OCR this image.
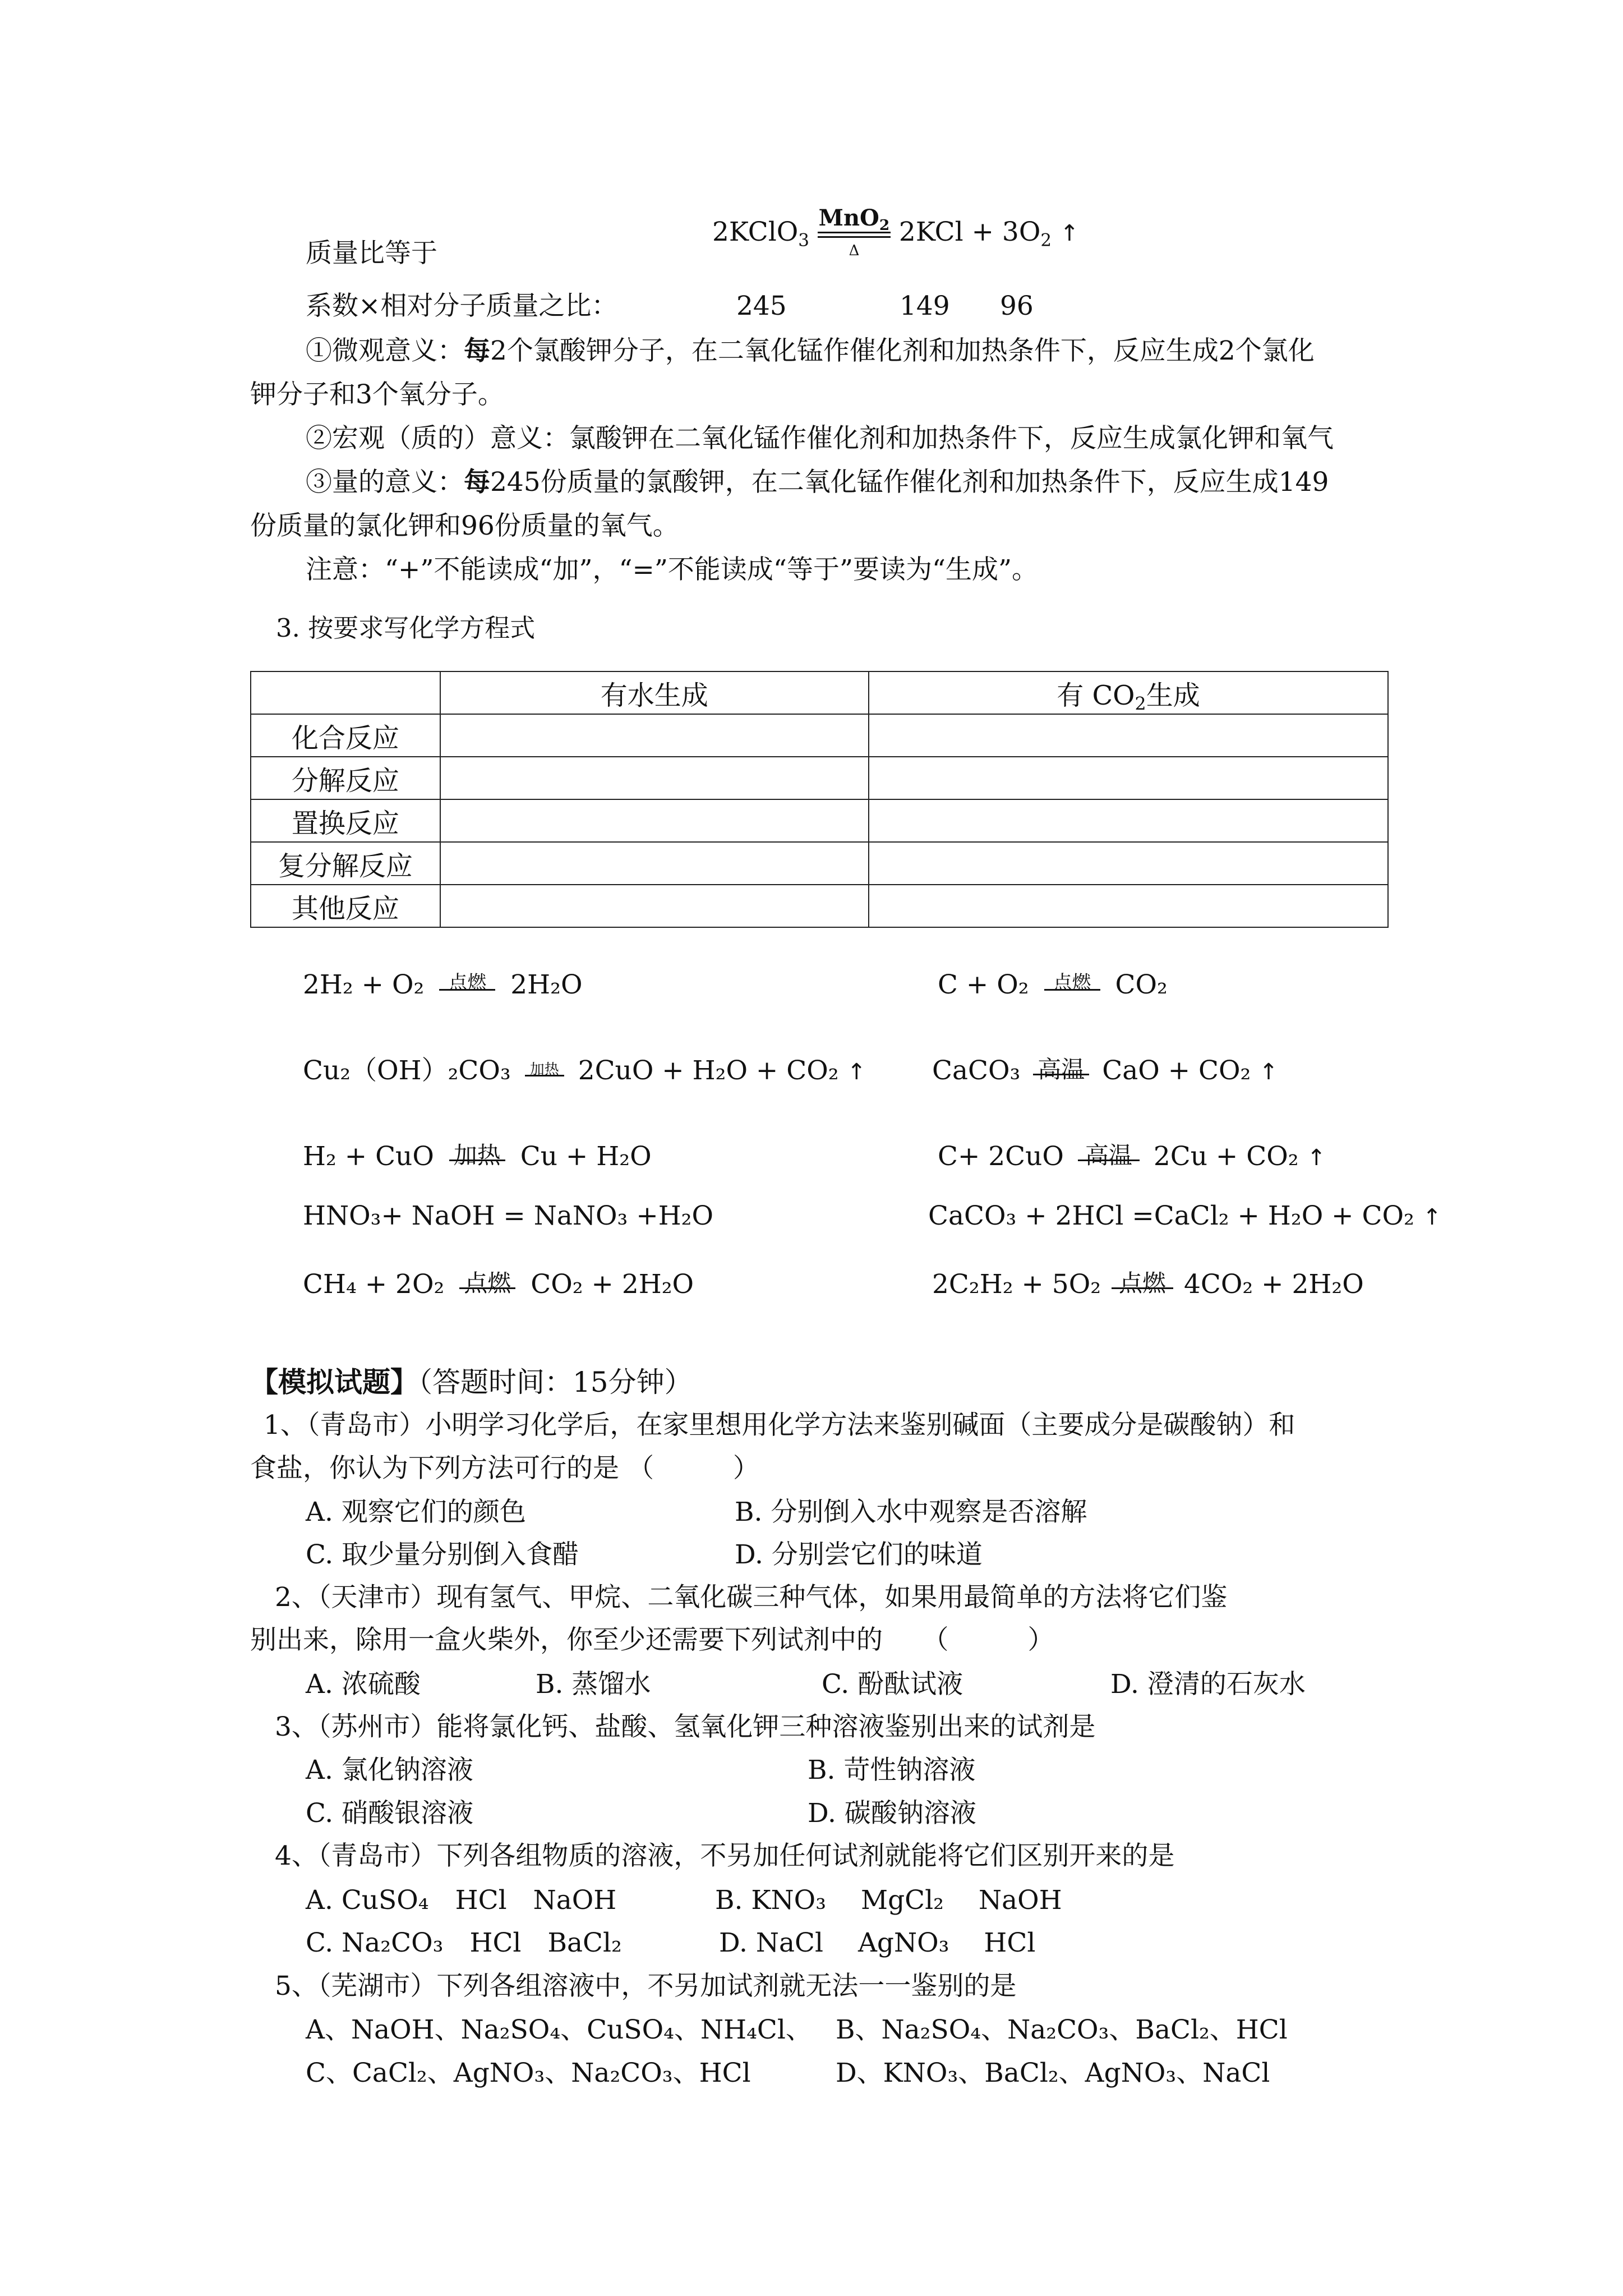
质量比等于
2KClO$_3$
MnO$_2$
Δ
$2KCl + 3O_2$ ↑
系数×相对分子质量之比：	245	149 96
①微观意义：每2个氯酸钾分子，在二氧化锰作催化剂和加热条件下，反应生成2个氯化
钾分子和3个氧分子。
②宏观（质的）意义：氯酸钾在二氧化锰作催化剂和加热条件下，反应生成氯化钾和氧气
③量的意义：每245份质量的氯酸钾，在二氧化锰作催化剂和加热条件下，反应生成149
份质量的氯化钾和96份质量的氧气。
注意：“+”不能读成“加”，“=”不能读成“等于”要读为“生成”。
3. 按要求写化学方程式
	有水生成	有 $CO_2$生成
化合反应		
分解反应		
置换反应		
复分解反应		
其他反应		
2H₂ + O₂	点燃 2H₂O	C + O₂	点燃 CO₂
Cu₂（OH）₂CO₃	加热 2CuO + H₂O + CO₂ ↑	CaCO₃ 高温 CaO + CO₂ ↑
H₂ + CuO 加热 Cu + H₂O	C+ 2CuO 高温 2Cu + CO₂ ↑
HNO₃+ NaOH = NaNO₃ +H₂O	CaCO₃ + 2HCl =CaCl₂ + H₂O + CO₂ ↑
CH₄ + 2O₂ 点燃 CO₂ + 2H₂O	2C₂H₂ + 5O₂ 点燃 4CO₂ + 2H₂O
【模拟试题】（答题时间：15分钟）
1、（青岛市）小明学习化学后，在家里想用化学方法来鉴别碱面（主要成分是碳酸钠）和
食盐，你认为下列方法可行的是 （　　　）
A. 观察它们的颜色	B. 分别倒入水中观察是否溶解
C. 取少量分别倒入食醋	D. 分别尝它们的味道
2、（天津市）现有氢气、甲烷、二氧化碳三种气体，如果用最简单的方法将它们鉴
别出来，除用一盒火柴外，你至少还需要下列试剂中的　　（　　　）
A. 浓硫酸	B. 蒸馏水	C. 酚酞试液	D. 澄清的石灰水
3、（苏州市）能将氯化钙、盐酸、氢氧化钾三种溶液鉴别出来的试剂是
A. 氯化钠溶液	B. 苛性钠溶液
C. 硝酸银溶液	D. 碳酸钠溶液
4、（青岛市）下列各组物质的溶液，不另加任何试剂就能将它们区别开来的是
A. CuSO₄　HCl　NaOH	B. KNO₃　 MgCl₂　 NaOH
C. Na₂CO₃　HCl　BaCl₂	D. NaCl　 AgNO₃　 HCl
5、（芜湖市）下列各组溶液中，不另加试剂就无法一一鉴别的是
A、NaOH、Na₂SO₄、CuSO₄、NH₄Cl、 B、Na₂SO₄、Na₂CO₃、BaCl₂、HCl
C、CaCl₂、AgNO₃、Na₂CO₃、HCl	D、KNO₃、BaCl₂、AgNO₃、NaCl
